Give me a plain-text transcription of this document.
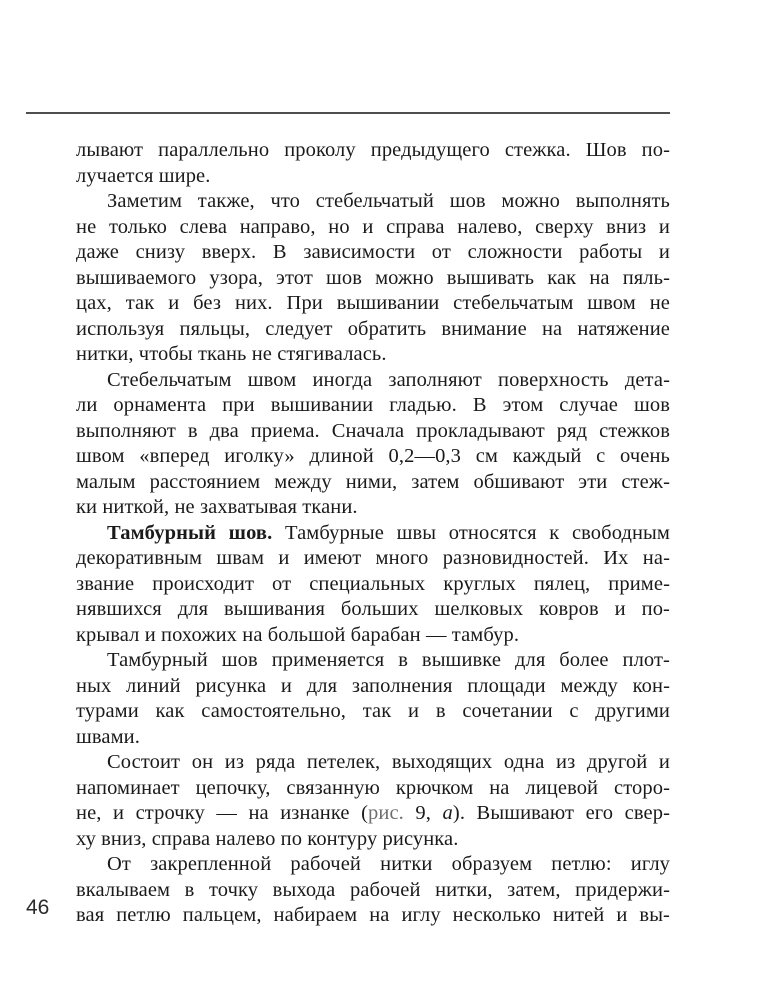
лывают параллельно проколу предыдущего стежка. Шов по-
лучается шире.
Заметим также, что стебельчатый шов можно выполнять
не только слева направо, но и справа налево, сверху вниз и
даже снизу вверх. В зависимости от сложности работы и
вышиваемого узора, этот шов можно вышивать как на пяль-
цах, так и без них. При вышивании стебельчатым швом не
используя пяльцы, следует обратить внимание на натяжение
нитки, чтобы ткань не стягивалась.
Стебельчатым швом иногда заполняют поверхность дета-
ли орнамента при вышивании гладью. В этом случае шов
выполняют в два приема. Сначала прокладывают ряд стежков
швом «вперед иголку» длиной 0,2—0,3 см каждый с очень
малым расстоянием между ними, затем обшивают эти стеж-
ки ниткой, не захватывая ткани.
Тамбурный шов. Тамбурные швы относятся к свободным
декоративным швам и имеют много разновидностей. Их на-
звание происходит от специальных круглых пялец, приме-
нявшихся для вышивания больших шелковых ковров и по-
крывал и похожих на большой барабан — тамбур.
Тамбурный шов применяется в вышивке для более плот-
ных линий рисунка и для заполнения площади между кон-
турами как самостоятельно, так и в сочетании с другими
швами.
Состоит он из ряда петелек, выходящих одна из другой и
напоминает цепочку, связанную крючком на лицевой сторо-
не, и строчку — на изнанке (рис. 9, а). Вышивают его свер-
ху вниз, справа налево по контуру рисунка.
От закрепленной рабочей нитки образуем петлю: иглу
вкалываем в точку выхода рабочей нитки, затем, придержи-
вая петлю пальцем, набираем на иглу несколько нитей и вы-
46
